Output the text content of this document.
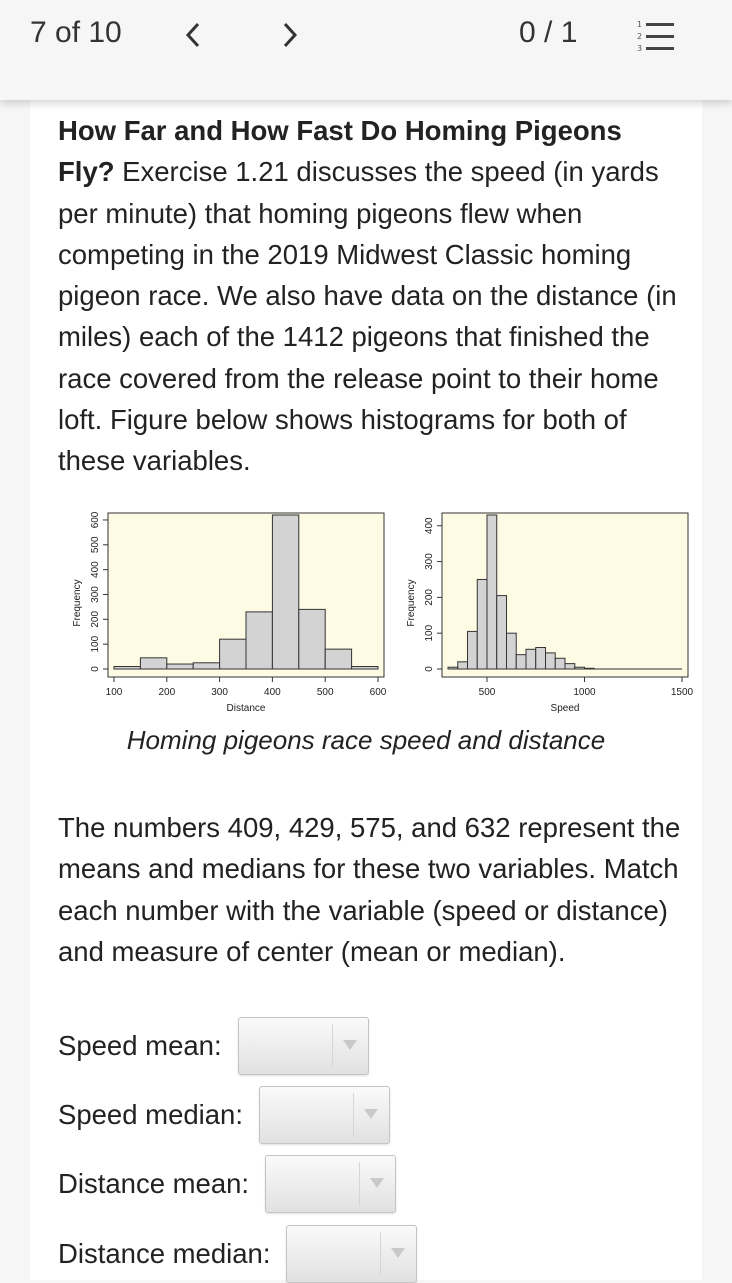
7 of 10	0 / 1	1
2
3
How Far and How Fast Do Homing Pigeons Fly? Exercise 1.21 discusses the speed (in yards per minute) that homing pigeons flew when competing in the 2019 Midwest Classic homing pigeon race. We also have data on the distance (in miles) each of the 1412 pigeons that finished the race covered from the release point to their home loft. Figure below shows histograms for both of these variables.
100	200	300	400	500	600
Distance
0
100
200
300
400
500
600
Frequency
500	1000	1500
Speed
0
100
200
300
400
Frequency
Homing pigeons race speed and distance
The numbers 409, 429, 575, and 632 represent the means and medians for these two variables. Match each number with the variable (speed or distance) and measure of center (mean or median).
Speed mean:
Speed median:
Distance mean:
Distance median:
